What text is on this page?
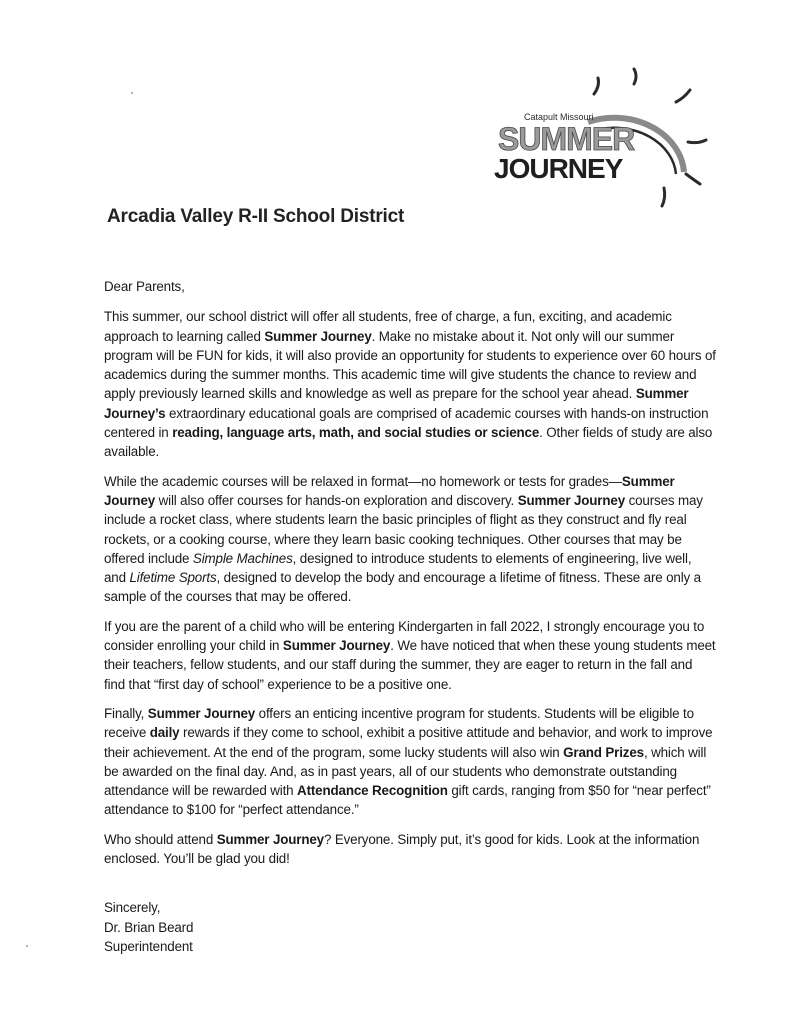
Catapult Missouri
SUMMER
JOURNEY
Arcadia Valley R-II School District

Dear Parents,

This summer, our school district will offer all students, free of charge, a fun, exciting, and academic approach to learning called Summer Journey. Make no mistake about it. Not only will our summer program will be FUN for kids, it will also provide an opportunity for students to experience over 60 hours of academics during the summer months. This academic time will give students the chance to review and apply previously learned skills and knowledge as well as prepare for the school year ahead. Summer Journey’s extraordinary educational goals are comprised of academic courses with hands-on instruction centered in reading, language arts, math, and social studies or science. Other fields of study are also available.

While the academic courses will be relaxed in format—no homework or tests for grades—Summer Journey will also offer courses for hands-on exploration and discovery. Summer Journey courses may include a rocket class, where students learn the basic principles of flight as they construct and fly real rockets, or a cooking course, where they learn basic cooking techniques. Other courses that may be offered include Simple Machines, designed to introduce students to elements of engineering, live well, and Lifetime Sports, designed to develop the body and encourage a lifetime of fitness. These are only a sample of the courses that may be offered.

If you are the parent of a child who will be entering Kindergarten in fall 2022, I strongly encourage you to consider enrolling your child in Summer Journey. We have noticed that when these young students meet their teachers, fellow students, and our staff during the summer, they are eager to return in the fall and find that “first day of school” experience to be a positive one.

Finally, Summer Journey offers an enticing incentive program for students. Students will be eligible to receive daily rewards if they come to school, exhibit a positive attitude and behavior, and work to improve their achievement. At the end of the program, some lucky students will also win Grand Prizes, which will be awarded on the final day. And, as in past years, all of our students who demonstrate outstanding attendance will be rewarded with Attendance Recognition gift cards, ranging from $50 for “near perfect” attendance to $100 for “perfect attendance.”

Who should attend Summer Journey? Everyone. Simply put, it’s good for kids. Look at the information enclosed. You’ll be glad you did!

Sincerely,

Dr. Brian Beard

Superintendent
